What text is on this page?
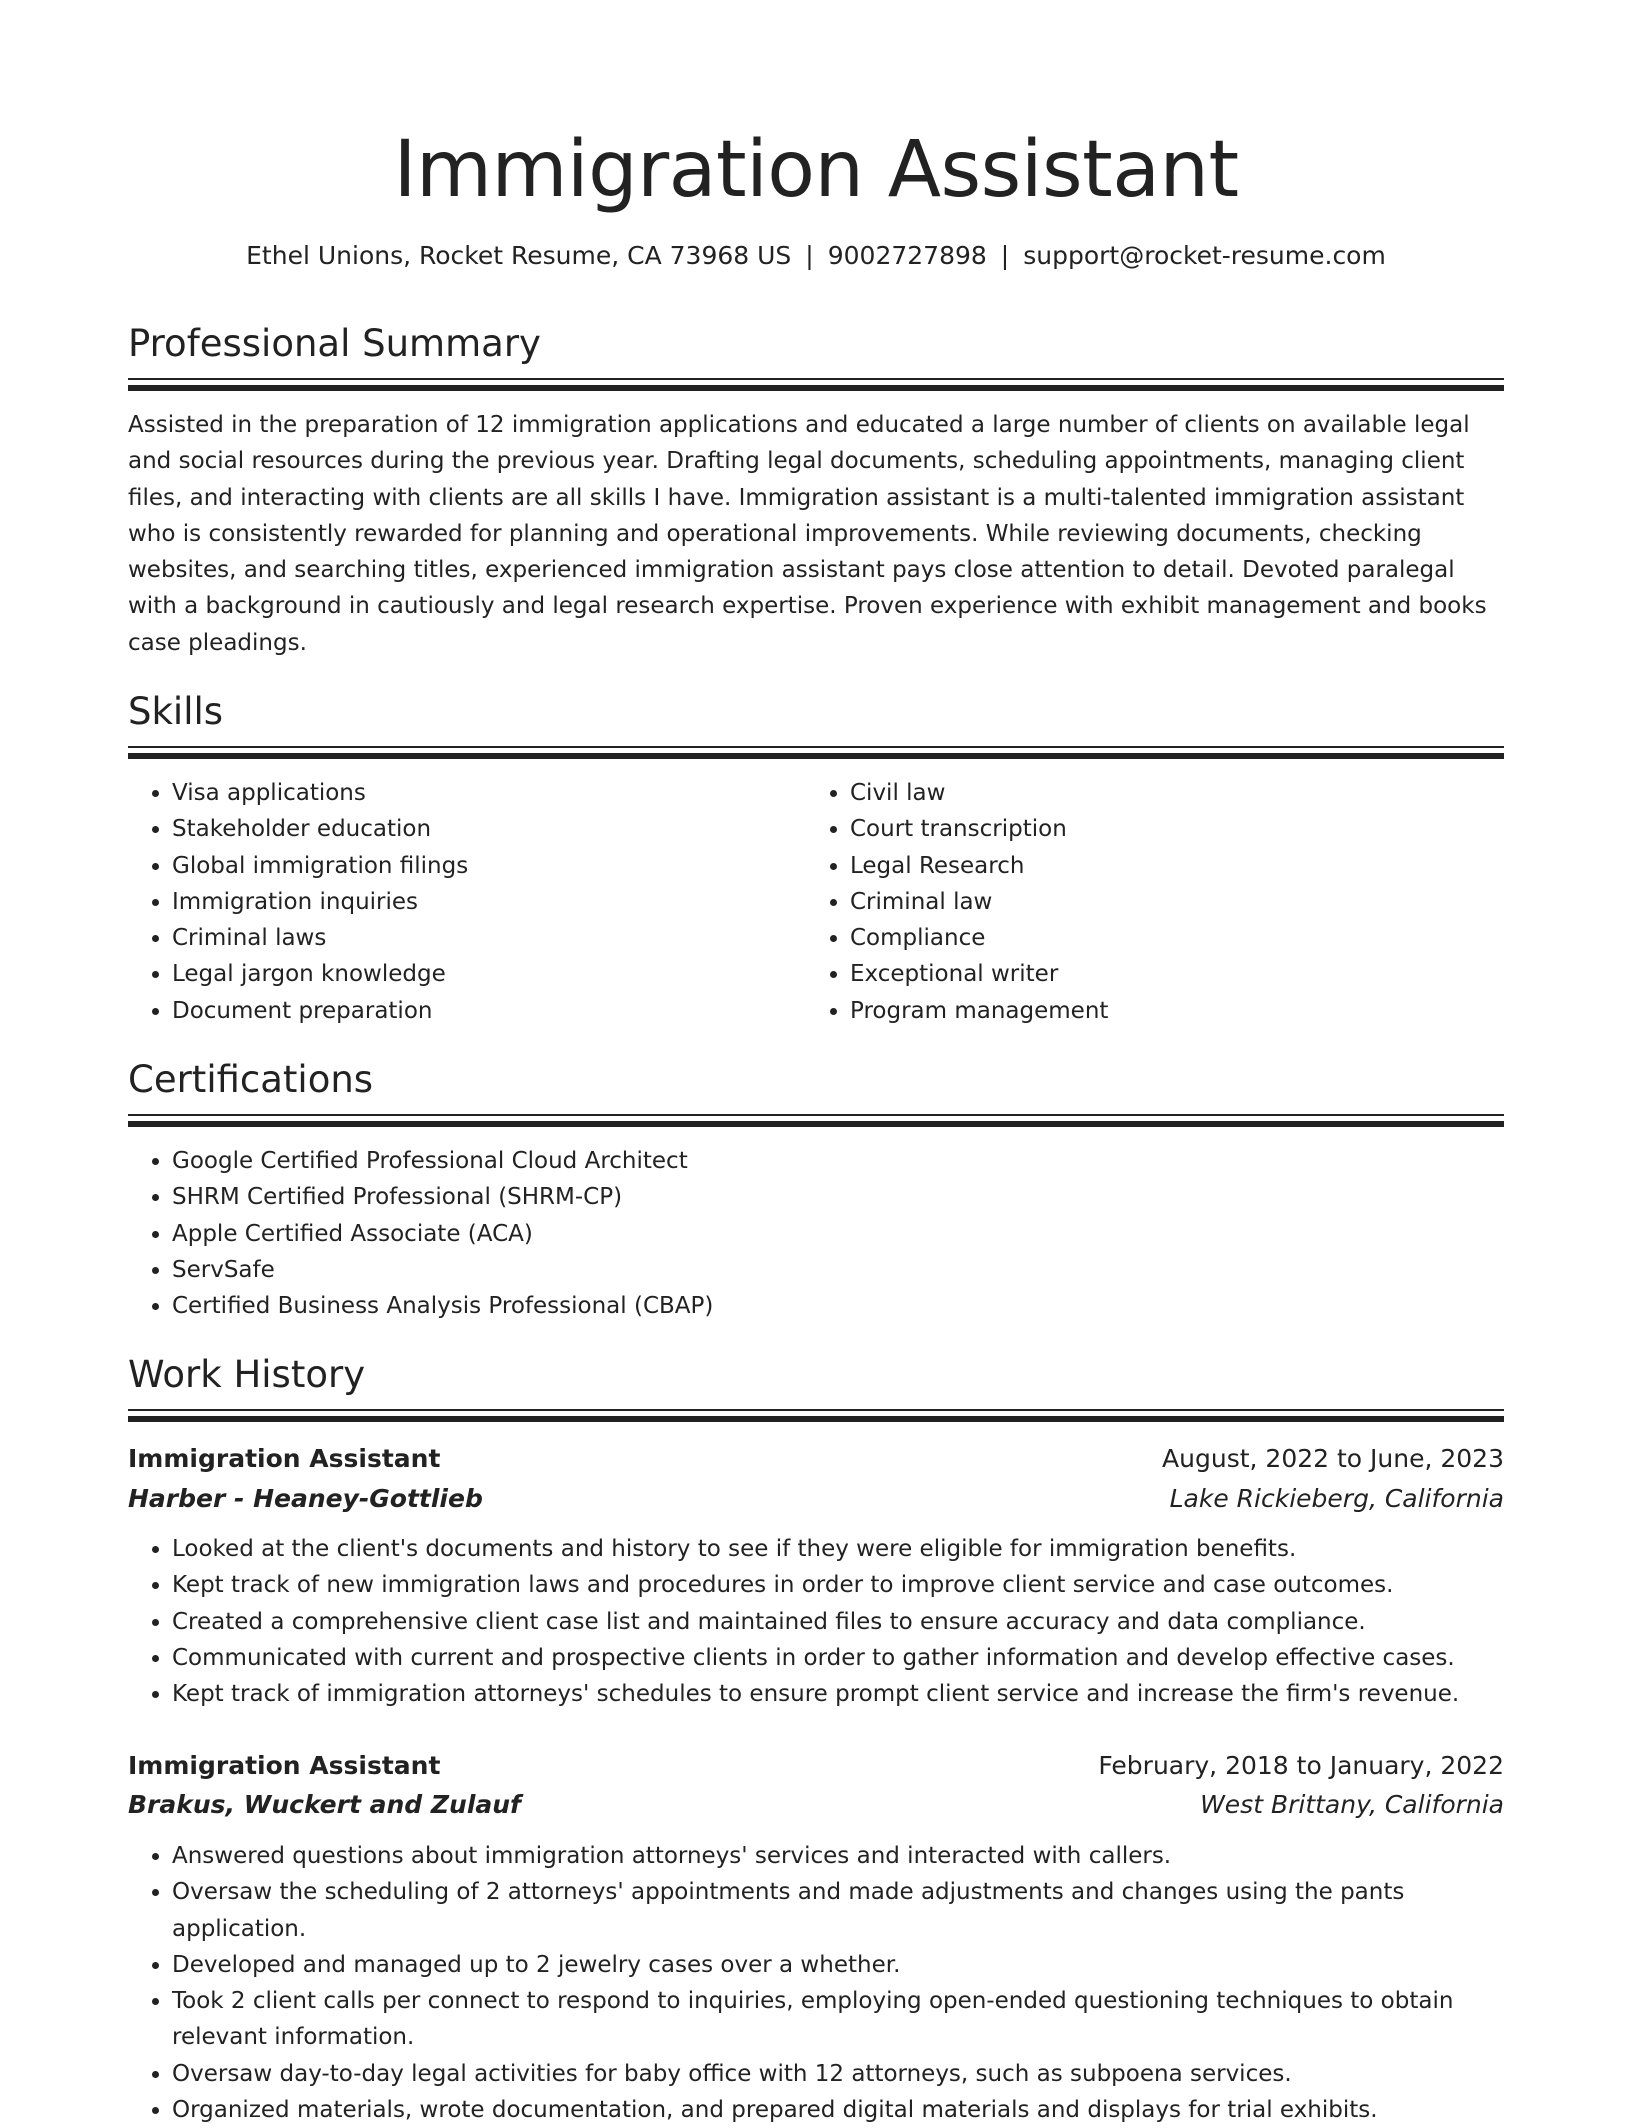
Immigration Assistant
Ethel Unions, Rocket Resume, CA 73968 US | 9002727898 | support@rocket-resume.com
Professional Summary

Assisted in the preparation of 12 immigration applications and educated a large number of clients on available legal and social resources during the previous year. Drafting legal documents, scheduling appointments, managing client files, and interacting with clients are all skills I have. Immigration assistant is a multi-talented immigration assistant who is consistently rewarded for planning and operational improvements. While reviewing documents, checking websites, and searching titles, experienced immigration assistant pays close attention to detail. Devoted paralegal with a background in cautiously and legal research expertise. Proven experience with exhibit management and books case pleadings.

Skills
• Visa applications
• Stakeholder education
• Global immigration filings
• Immigration inquiries
• Criminal laws
• Legal jargon knowledge
• Document preparation
• Civil law
• Court transcription
• Legal Research
• Criminal law
• Compliance
• Exceptional writer
• Program management
Certifications
• Google Certified Professional Cloud Architect
• SHRM Certified Professional (SHRM-CP)
• Apple Certified Associate (ACA)
• ServSafe
• Certified Business Analysis Professional (CBAP)
Work History
Immigration Assistant	August, 2022 to June, 2023
Harber - Heaney-Gottlieb	Lake Rickieberg, California
• Looked at the client's documents and history to see if they were eligible for immigration benefits.
• Kept track of new immigration laws and procedures in order to improve client service and case outcomes.
• Created a comprehensive client case list and maintained files to ensure accuracy and data compliance.
• Communicated with current and prospective clients in order to gather information and develop effective cases.
• Kept track of immigration attorneys' schedules to ensure prompt client service and increase the firm's revenue.
Immigration Assistant	February, 2018 to January, 2022
Brakus, Wuckert and Zulauf	West Brittany, California
• Answered questions about immigration attorneys' services and interacted with callers.
• Oversaw the scheduling of 2 attorneys' appointments and made adjustments and changes using the pants application.
• Developed and managed up to 2 jewelry cases over a whether.
• Took 2 client calls per connect to respond to inquiries, employing open-ended questioning techniques to obtain relevant information.
• Oversaw day-to-day legal activities for baby office with 12 attorneys, such as subpoena services.
• Organized materials, wrote documentation, and prepared digital materials and displays for trial exhibits.
